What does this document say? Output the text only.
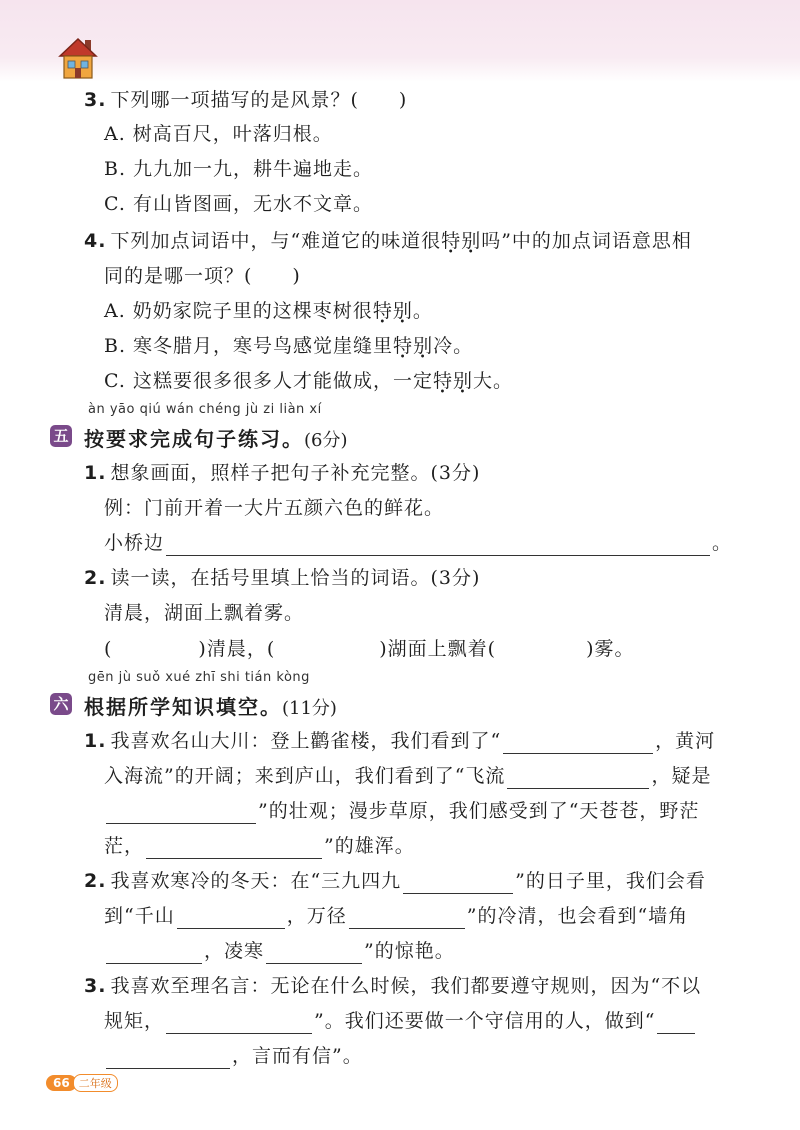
3. 下列哪一项描写的是风景？(　　)
A. 树高百尺，叶落归根。
B. 九九加一九，耕牛遍地走。
C. 有山皆图画，无水不文章。
4. 下列加点词语中，与“难道它的味道很特别吗”中的加点词语意思相
同的是哪一项？(　　)
A. 奶奶家院子里的这棵枣树很特别。
B. 寒冬腊月，寒号鸟感觉崖缝里特别冷。
C. 这糕要很多很多人才能做成，一定特别大。
àn yāo qiú wán chéng jù zi liàn xí
五 按要求完成句子练习。(6分)
1. 想象画面，照样子把句子补充完整。(3分)
例：门前开着一大片五颜六色的鲜花。
小桥边	。
2. 读一读，在括号里填上恰当的词语。(3分)
清晨，湖面上飘着雾。
(	)清晨，(	)湖面上飘着(	)雾。
gēn jù suǒ xué zhī shi tián kòng
六 根据所学知识填空。(11分)
1. 我喜欢名山大川：登上鹳雀楼，我们看到了“	，黄河
入海流”的开阔；来到庐山，我们看到了“飞流	，疑是
”的壮观；漫步草原，我们感受到了“天苍苍，野茫
茫，	”的雄浑。
2. 我喜欢寒冷的冬天：在“三九四九	”的日子里，我们会看
到“千山	，万径	”的冷清，也会看到“墙角
，凌寒	”的惊艳。
3. 我喜欢至理名言：无论在什么时候，我们都要遵守规则，因为“不以
规矩，	”。我们还要做一个守信用的人，做到“
，言而有信”。
66 二年级
